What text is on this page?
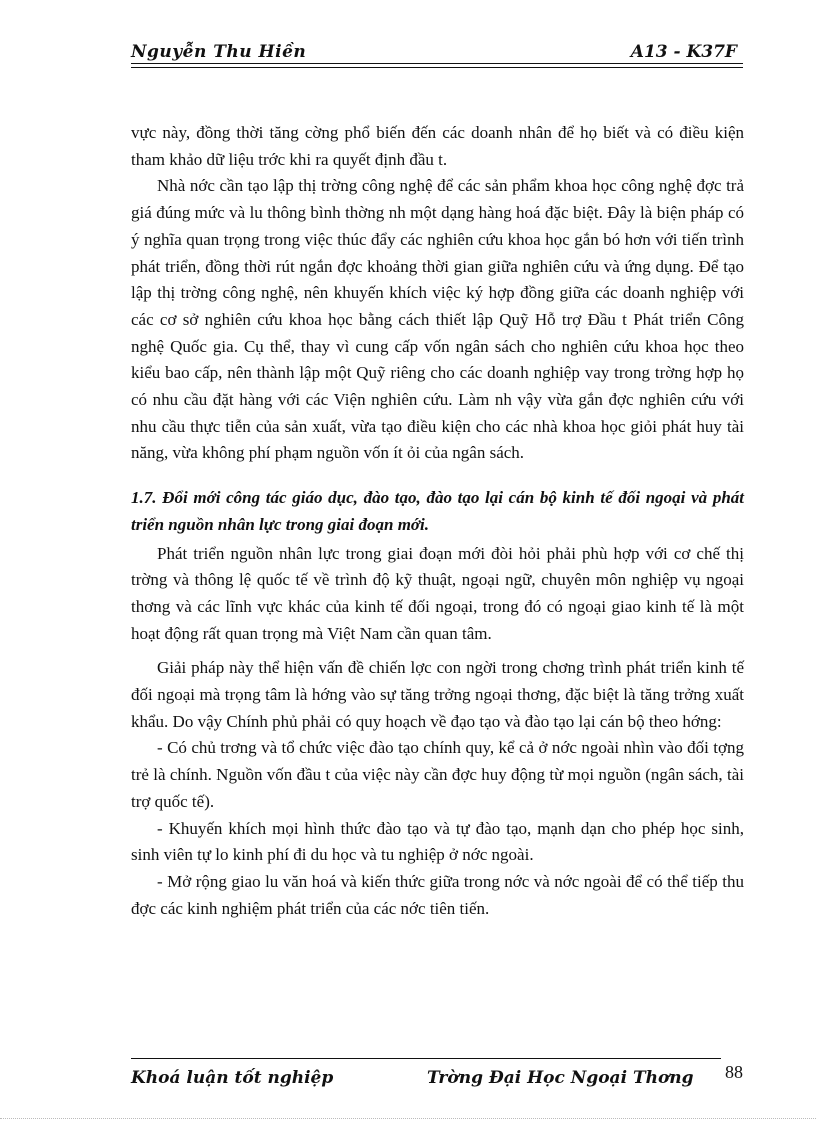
Nguyễn Thu Hiền	A13 - K37F

vực này, đồng thời tăng cờng phổ biến đến các doanh nhân để họ biết và có điều kiện tham khảo dữ liệu trớc khi ra quyết định đầu t.

Nhà nớc cần tạo lập thị trờng công nghệ để các sản phẩm khoa học công nghệ đợc trả giá đúng mức và lu thông bình thờng nh một dạng hàng hoá đặc biệt. Đây là biện pháp có ý nghĩa quan trọng trong việc thúc đẩy các nghiên cứu khoa học gắn bó hơn với tiến trình phát triển, đồng thời rút ngắn đợc khoảng thời gian giữa nghiên cứu và ứng dụng. Để tạo lập thị trờng công nghệ, nên khuyến khích việc ký hợp đồng giữa các doanh nghiệp với các cơ sở nghiên cứu khoa học bằng cách thiết lập Quỹ Hỗ trợ Đầu t Phát triển Công nghệ Quốc gia. Cụ thể, thay vì cung cấp vốn ngân sách cho nghiên cứu khoa học theo kiểu bao cấp, nên thành lập một Quỹ riêng cho các doanh nghiệp vay trong trờng hợp họ có nhu cầu đặt hàng với các Viện nghiên cứu. Làm nh vậy vừa gắn đợc nghiên cứu với nhu cầu thực tiễn của sản xuất, vừa tạo điều kiện cho các nhà khoa học giỏi phát huy tài năng, vừa không phí phạm nguồn vốn ít ỏi của ngân sách.

1.7. Đổi mới công tác giáo dục, đào tạo, đào tạo lại cán bộ kinh tế đối ngoại và phát triển nguồn nhân lực trong giai đoạn mới.

Phát triển nguồn nhân lực trong giai đoạn mới đòi hỏi phải phù hợp với cơ chế thị trờng và thông lệ quốc tế về trình độ kỹ thuật, ngoại ngữ, chuyên môn nghiệp vụ ngoại thơng và các lĩnh vực khác của kinh tế đối ngoại, trong đó có ngoại giao kinh tế là một hoạt động rất quan trọng mà Việt Nam cần quan tâm.

Giải pháp này thể hiện vấn đề chiến lợc con ngời trong chơng trình phát triển kinh tế đối ngoại mà trọng tâm là hớng vào sự tăng trởng ngoại thơng, đặc biệt là tăng trởng xuất khẩu. Do vậy Chính phủ phải có quy hoạch về đạo tạo và đào tạo lại cán bộ theo hớng:

- Có chủ trơng và tổ chức việc đào tạo chính quy, kể cả ở nớc ngoài nhìn vào đối tợng trẻ là chính. Nguồn vốn đầu t của việc này cần đợc huy động từ mọi nguồn (ngân sách, tài trợ quốc tế).

- Khuyến khích mọi hình thức đào tạo và tự đào tạo, mạnh dạn cho phép học sinh, sinh viên tự lo kinh phí đi du học và tu nghiệp ở nớc ngoài.

- Mở rộng giao lu văn hoá và kiến thức giữa trong nớc và nớc ngoài để có thể tiếp thu đợc các kinh nghiệm phát triển của các nớc tiên tiến.

Khoá luận tốt nghiệp	Trờng Đại Học Ngoại Thơng 88
